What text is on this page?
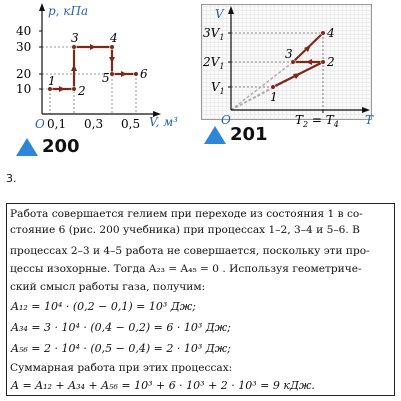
p, кПа
V, м³
40
30
20
10
O 0,1 0,3 0,5
1
2
3	4
5	6
200
V
T
$3V_1$
$2V_1$
$V_1$
O	$T_2 = T_4$
1
2
3
4
201
3.
Работа совершается гелием при переходе из состояния 1 в со-
стояние 6 (рис. 200 учебника) при процессах 1–2, 3–4 и 5–6. В
процессах 2–3 и 4–5 работа не совершается, поскольку эти про-
цессы изохорные. Тогда A₂₃ = A₄₅ = 0 . Используя геометриче-
ский смысл работы газа, получим:
A₁₂ = 10⁴ · (0,2 − 0,1) = 10³ Дж;
A₃₄ = 3 · 10⁴ · (0,4 − 0,2) = 6 · 10³ Дж;
A₅₆ = 2 · 10⁴ · (0,5 − 0,4) = 2 · 10³ Дж;
Суммарная работа при этих процессах:
A = A₁₂ + A₃₄ + A₅₆ = 10³ + 6 · 10³ + 2 · 10³ = 9 кДж.
